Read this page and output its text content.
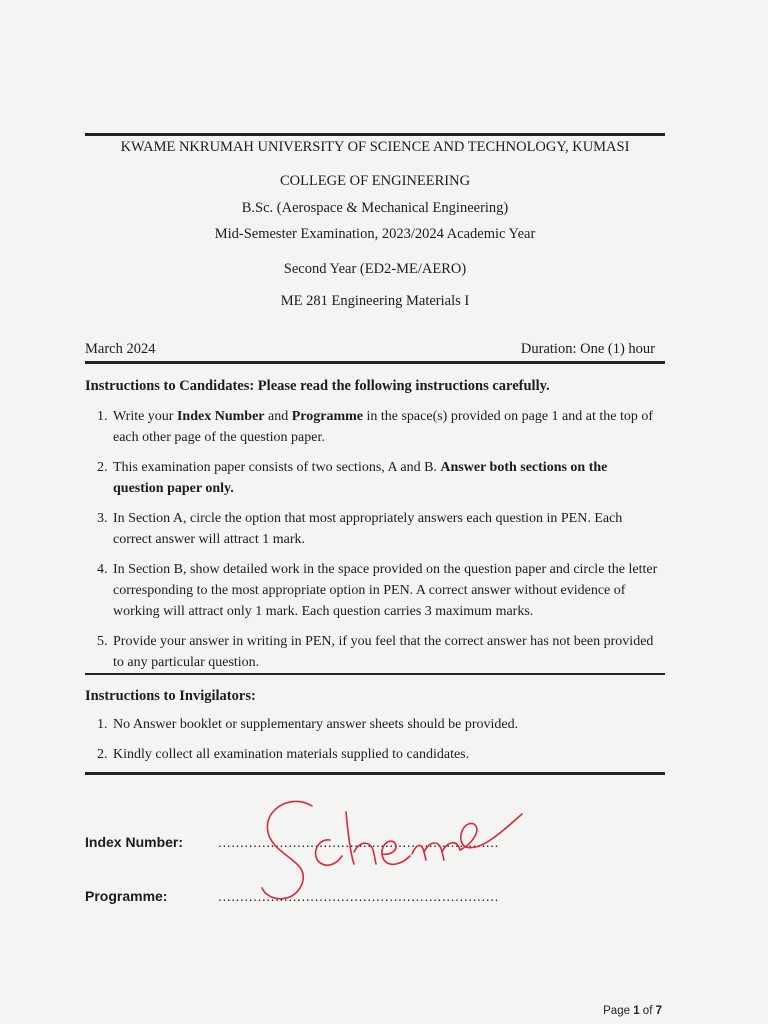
KWAME NKRUMAH UNIVERSITY OF SCIENCE AND TECHNOLOGY, KUMASI
COLLEGE OF ENGINEERING
B.Sc. (Aerospace & Mechanical Engineering)
Mid-Semester Examination, 2023/2024 Academic Year
Second Year (ED2-ME/AERO)
ME 281 Engineering Materials I
March 2024	Duration: One (1) hour
Instructions to Candidates: Please read the following instructions carefully.
1. Write your Index Number and Programme in the space(s) provided on page 1 and at the top of each other page of the question paper.
2. This examination paper consists of two sections, A and B. Answer both sections on the question paper only.
3. In Section A, circle the option that most appropriately answers each question in PEN. Each correct answer will attract 1 mark.
4. In Section B, show detailed work in the space provided on the question paper and circle the letter corresponding to the most appropriate option in PEN. A correct answer without evidence of working will attract only 1 mark. Each question carries 3 maximum marks.
5. Provide your answer in writing in PEN, if you feel that the correct answer has not been provided to any particular question.
Instructions to Invigilators:
1. No Answer booklet or supplementary answer sheets should be provided.
2. Kindly collect all examination materials supplied to candidates.
Index Number: ................................................................
Programme:	................................................................
Page 1 of 7
